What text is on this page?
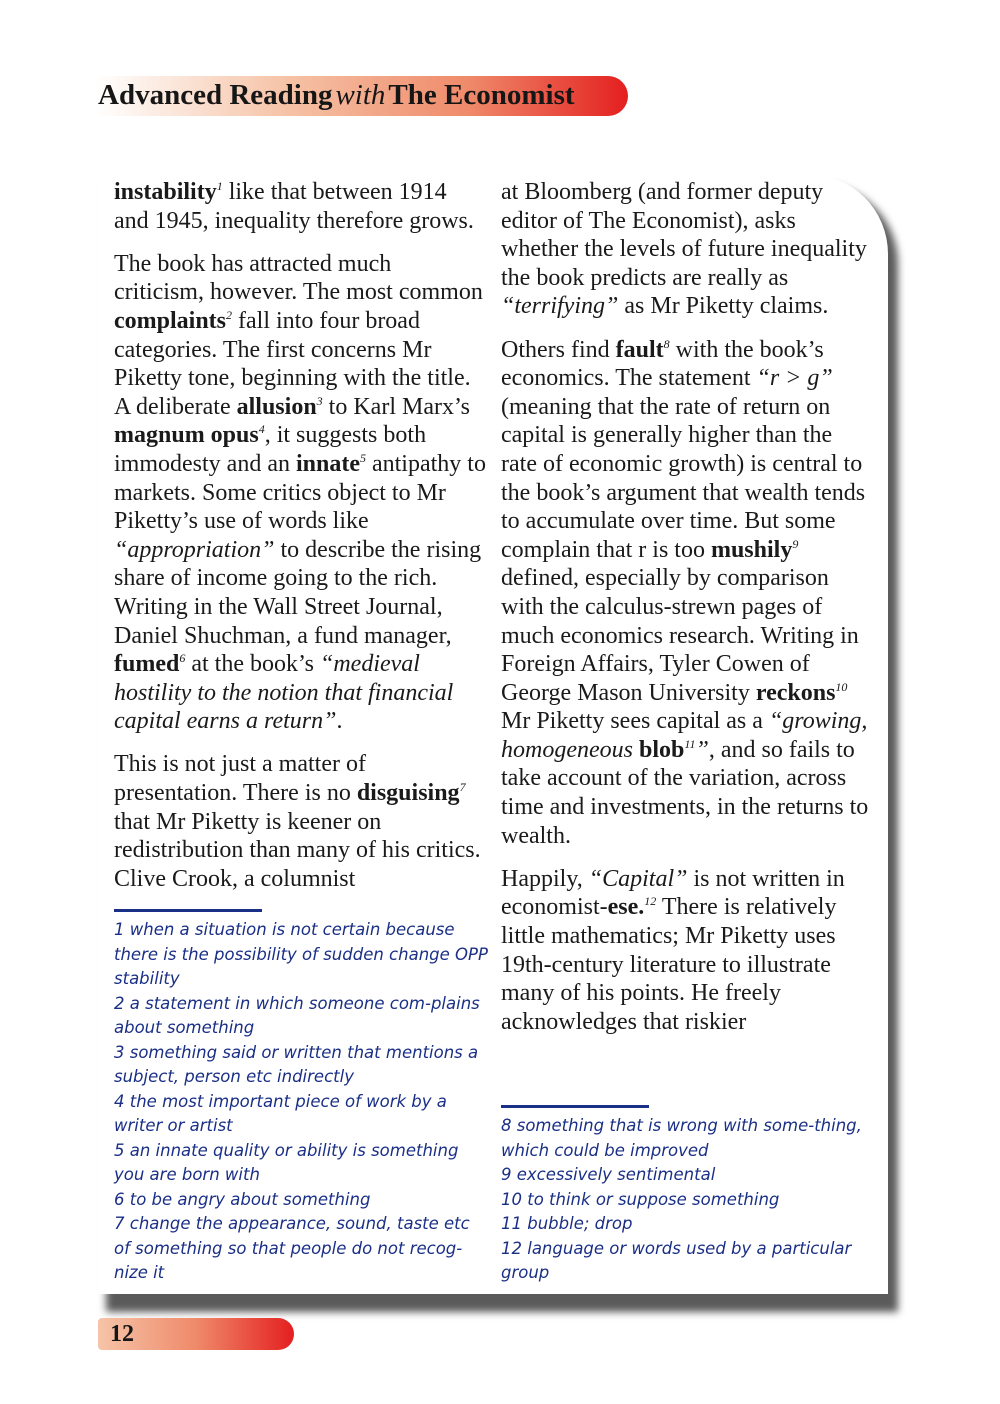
Advanced Reading with The Economist

instability$^1$ like that between 1914 and 1945, inequality therefore grows.

The book has attracted much criticism, however. The most common complaints$^2$ fall into four broad categories. The first concerns Mr Piketty tone, beginning with the title. A deliberate allusion$^3$ to Karl Marx’s magnum opus$^4$, it suggests both immodesty and an innate$^5$ antipathy to markets. Some critics object to Mr Piketty’s use of words like “appropriation” to describe the rising share of income going to the rich. Writing in the Wall Street Journal, Daniel Shuchman, a fund manager, fumed$^6$ at the book’s “medieval hostility to the notion that financial capital earns a return”.

This is not just a matter of presentation. There is no disguising$^7$ that Mr Piketty is keener on redistribution than many of his critics. Clive Crook, a columnist

at Bloomberg (and former deputy editor of The Economist), asks whether the levels of future inequality the book predicts are really as “terrifying” as Mr Piketty claims.

Others find fault$^8$ with the book’s economics. The statement “r > g” (meaning that the rate of return on capital is generally higher than the rate of economic growth) is central to the book’s argument that wealth tends to accumulate over time. But some complain that r is too mushily$^9$ defined, especially by comparison with the calculus-strewn pages of much economics research. Writing in Foreign Affairs, Tyler Cowen of George Mason University reckons$^{10}$ Mr Piketty sees capital as a “growing, homogeneous blob$^{11}$”, and so fails to take account of the variation, across time and investments, in the returns to wealth.

Happily, “Capital” is not written in economist-ese.$^{12}$ There is relatively little mathematics; Mr Piketty uses 19th-century literature to illustrate many of his points. He freely acknowledges that riskier

1 when a situation is not certain because there is the possibility of sudden change OPP stability
2 a statement in which someone com-plains about something
3 something said or written that mentions a subject, person etc indirectly
4 the most important piece of work by a writer or artist
5 an innate quality or ability is something you are born with
6 to be angry about something
7 change the appearance, sound, taste etc of something so that people do not recog-nize it
8 something that is wrong with some-thing, which could be improved
9 excessively sentimental
10 to think or suppose something
11 bubble; drop
12 language or words used by a particular group
12
